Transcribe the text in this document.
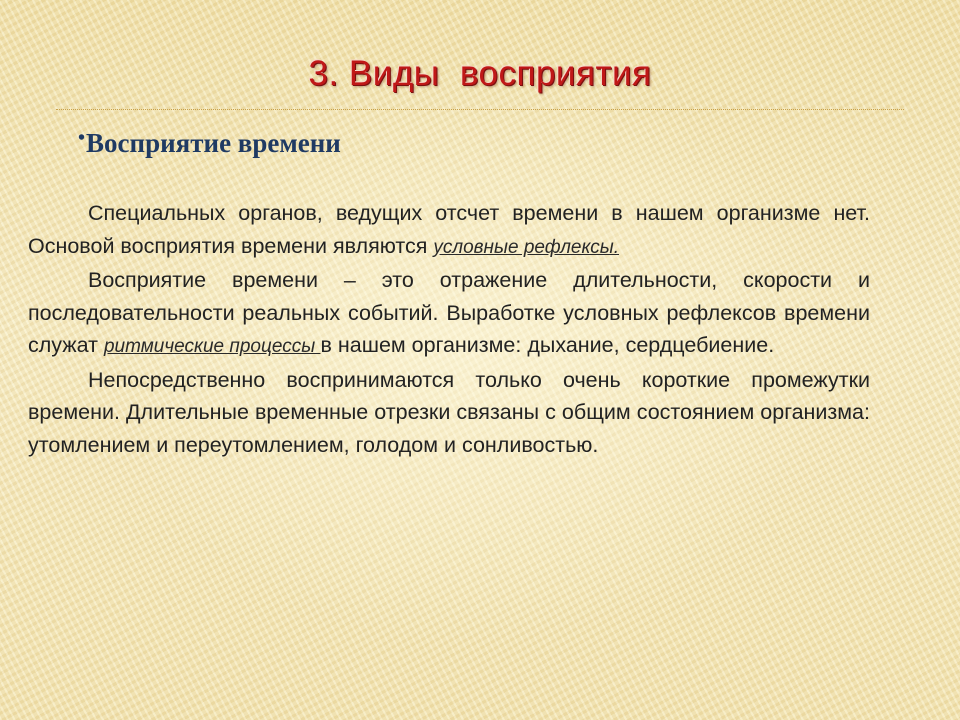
3. Виды  восприятия
•Восприятие времени

Специальных органов, ведущих отсчет времени в нашем организме нет. Основой восприятия времени являются условные рефлексы.

Восприятие времени – это отражение длительности, скорости и последовательности реальных событий. Выработке условных рефлексов времени служат ритмические процессы в нашем организме: дыхание, сердцебиение.

Непосредственно воспринимаются только очень короткие промежутки времени. Длительные временные отрезки связаны с общим состоянием организма: утомлением и переутомлением, голодом и сонливостью.
